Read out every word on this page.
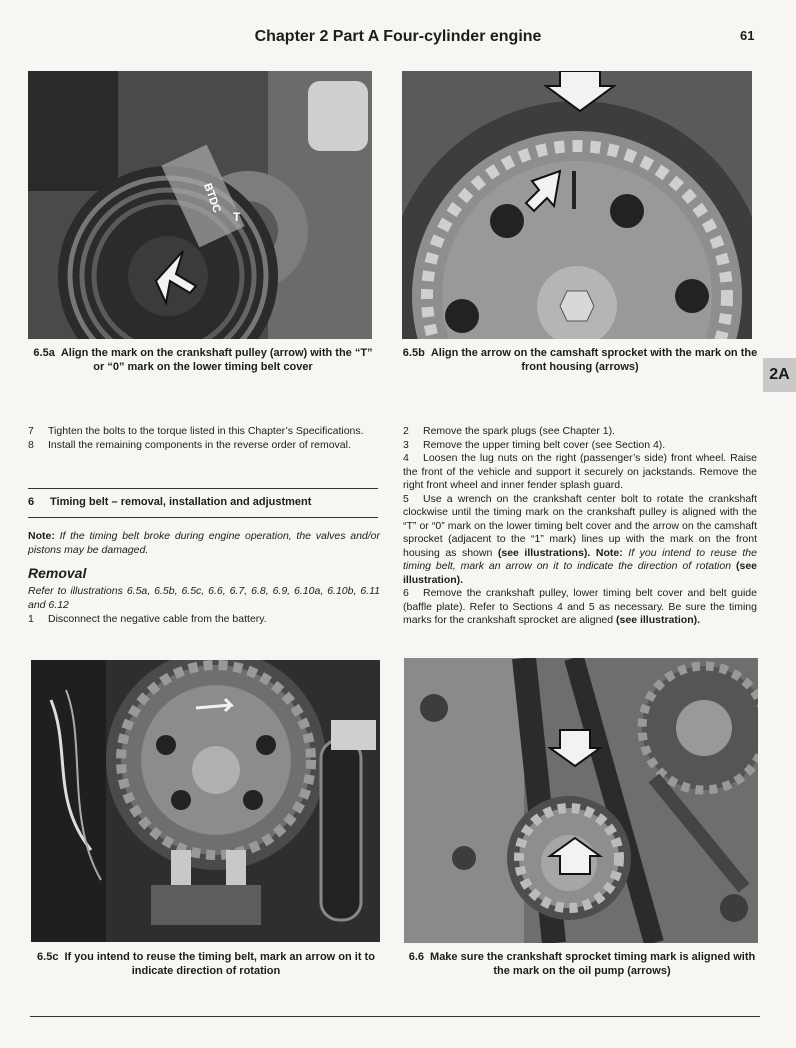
Chapter 2 Part A Four-cylinder engine	61
BTDC
T
6.5a Align the mark on the crankshaft pulley (arrow) with the “T” or “0” mark on the lower timing belt cover
6.5b Align the arrow on the camshaft sprocket with the mark on the front housing (arrows)	2A
7	Tighten the bolts to the torque listed in this Chapter’s Specifications.
8	Install the remaining components in the reverse order of removal.
6 Timing belt – removal, installation and adjustment
Note: If the timing belt broke during engine operation, the valves and/or pistons may be damaged.
Removal
Refer to illustrations 6.5a, 6.5b, 6.5c, 6.6, 6.7, 6.8, 6.9, 6.10a, 6.10b, 6.11 and 6.12
1	Disconnect the negative cable from the battery.
2	Remove the spark plugs (see Chapter 1).
3	Remove the upper timing belt cover (see Section 4).
4 Loosen the lug nuts on the right (passenger’s side) front wheel. Raise the front of the vehicle and support it securely on jackstands. Remove the right front wheel and inner fender splash guard.
5 Use a wrench on the crankshaft center bolt to rotate the crankshaft clockwise until the timing mark on the crankshaft pulley is aligned with the “T” or “0” mark on the lower timing belt cover and the arrow on the camshaft sprocket (adjacent to the “1” mark) lines up with the mark on the front housing as shown (see illustrations). Note: If you intend to reuse the timing belt, mark an arrow on it to indicate the direction of rotation (see illustration).
6 Remove the crankshaft pulley, lower timing belt cover and belt guide (baffle plate). Refer to Sections 4 and 5 as necessary. Be sure the timing marks for the crankshaft sprocket are aligned (see illustration).
6.5c If you intend to reuse the timing belt, mark an arrow on it to indicate direction of rotation
6.6 Make sure the crankshaft sprocket timing mark is aligned with the mark on the oil pump (arrows)
